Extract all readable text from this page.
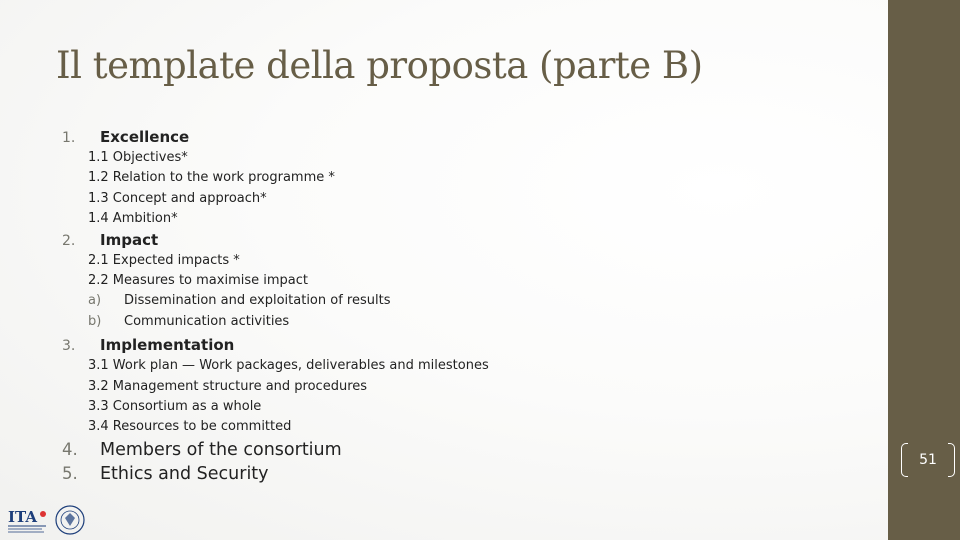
Il template della proposta (parte B)
1.	Excellence
1.1 Objectives*
1.2 Relation to the work programme *
1.3 Concept and approach*
1.4 Ambition*
2.	Impact
2.1 Expected impacts *
2.2 Measures to maximise impact
a)	Dissemination and exploitation of results
b)	Communication activities
3.	Implementation
3.1 Work plan — Work packages, deliverables and milestones
3.2 Management structure and procedures
3.3 Consortium as a whole
3.4 Resources to be committed
4.	Members of the consortium
5.	Ethics and Security
ITA
51
